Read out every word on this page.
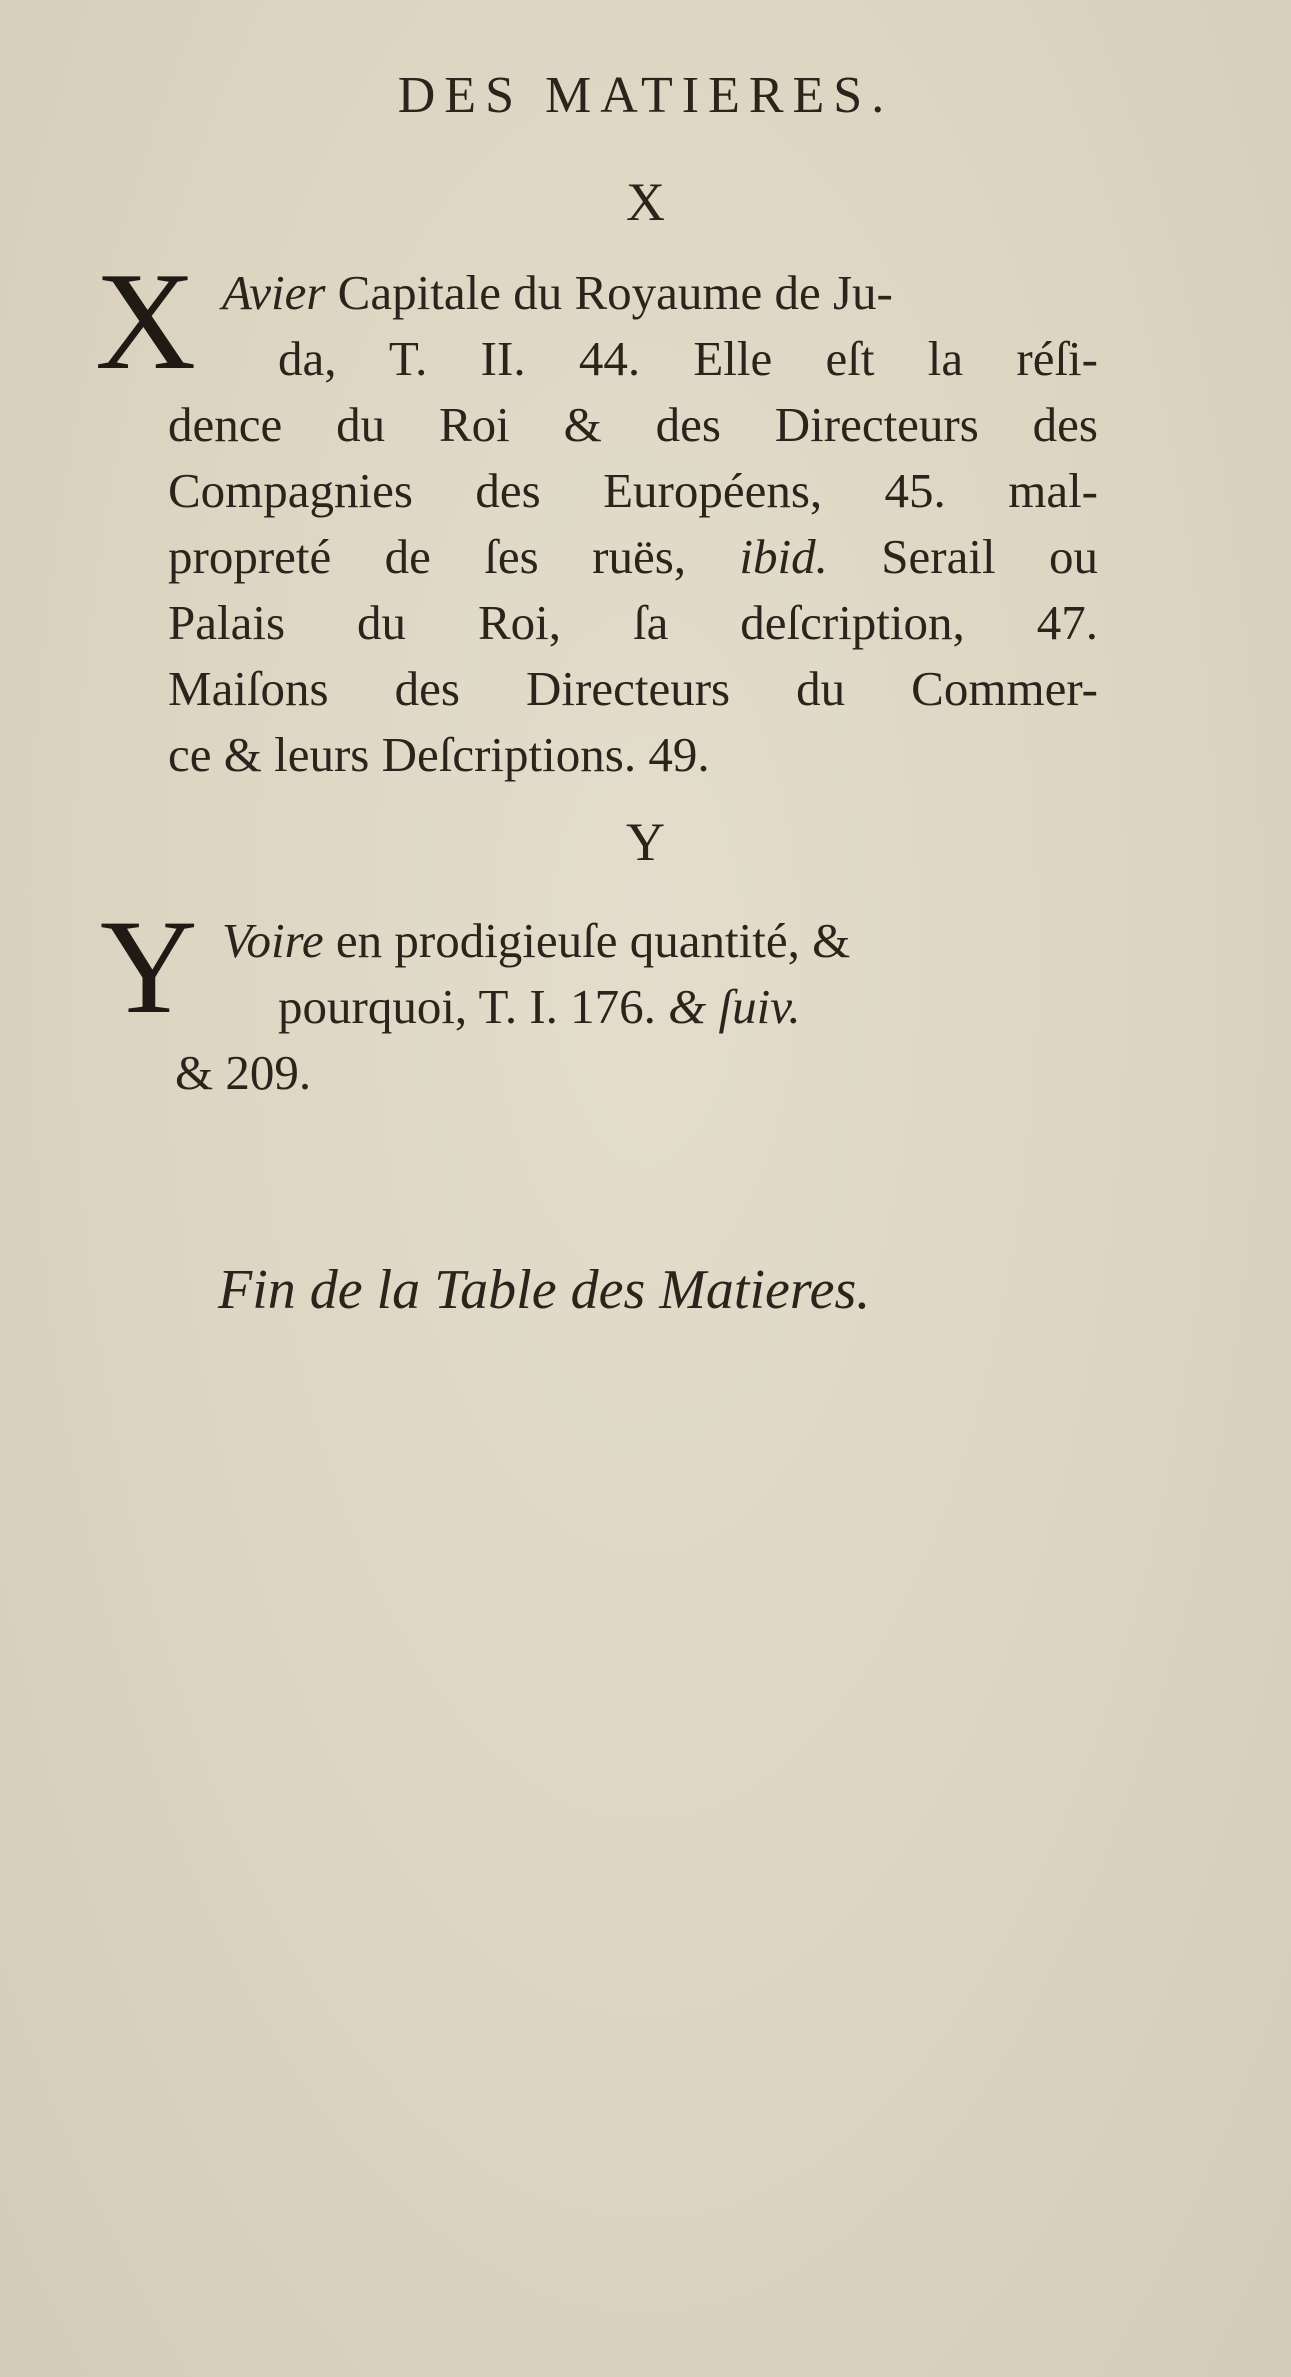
DES MATIERES.
X
X Avier Capitale du Royaume de Ju-
da, T. II. 44. Elle eſt la réſi-
dence du Roi & des Directeurs des
Compagnies des Européens, 45. mal-
propreté de ſes ruës, ibid. Serail ou
Palais du Roi, ſa deſcription, 47.
Maiſons des Directeurs du Commer-
ce & leurs Deſcriptions. 49.
Y
Y Voire en prodigieuſe quantité, &
pourquoi, T. I. 176. & ſuiv.
& 209.
Fin de la Table des Matieres.
